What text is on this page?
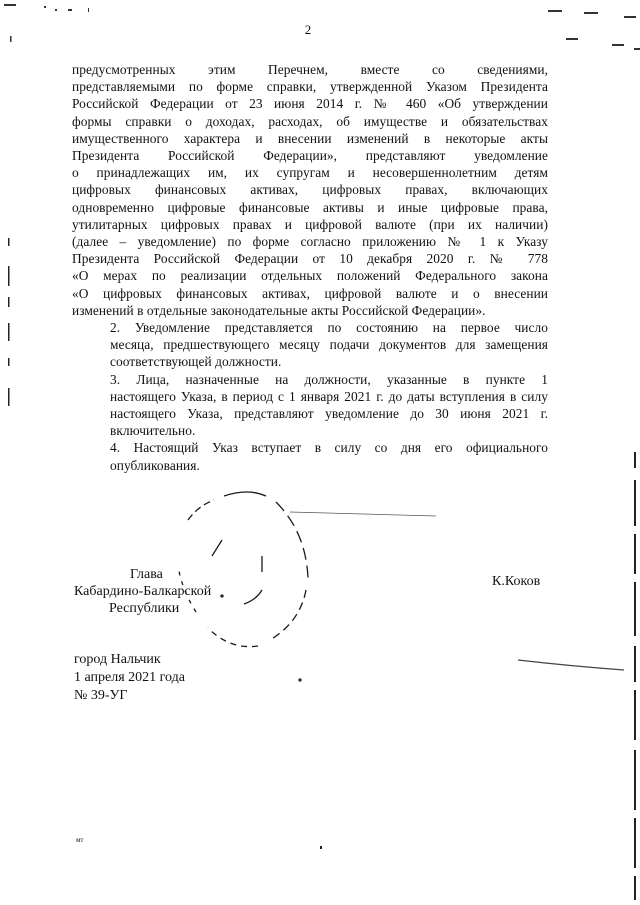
2
предусмотренных этим Перечнем, вместе со сведениями,
представляемыми по форме справки, утвержденной Указом Президента
Российской Федерации от 23 июня 2014 г. № 460 «Об утверждении
формы справки о доходах, расходах, об имуществе и обязательствах
имущественного характера и внесении изменений в некоторые акты
Президента Российской Федерации», представляют уведомление
о принадлежащих им, их супругам и несовершеннолетним детям
цифровых финансовых активах, цифровых правах, включающих
одновременно цифровые финансовые активы и иные цифровые права,
утилитарных цифровых правах и цифровой валюте (при их наличии)
(далее – уведомление) по форме согласно приложению № 1 к Указу
Президента Российской Федерации от 10 декабря 2020 г. № 778
«О мерах по реализации отдельных положений Федерального закона
«О цифровых финансовых активах, цифровой валюте и о внесении
изменений в отдельные законодательные акты Российской Федерации».
2. Уведомление представляется по состоянию на первое число
месяца, предшествующего месяцу подачи документов для замещения
соответствующей должности.
3. Лица, назначенные на должности, указанные в пункте 1
настоящего Указа, в период с 1 января 2021 г. до даты вступления в силу
настоящего Указа, представляют уведомление до 30 июня 2021 г.
включительно.
4. Настоящий Указ вступает в силу со дня его официального
опубликования.
Глава
Кабардино-Балкарской
Республики
К.Коков
город Нальчик
1 апреля 2021 года
№ 39-УГ
мт
